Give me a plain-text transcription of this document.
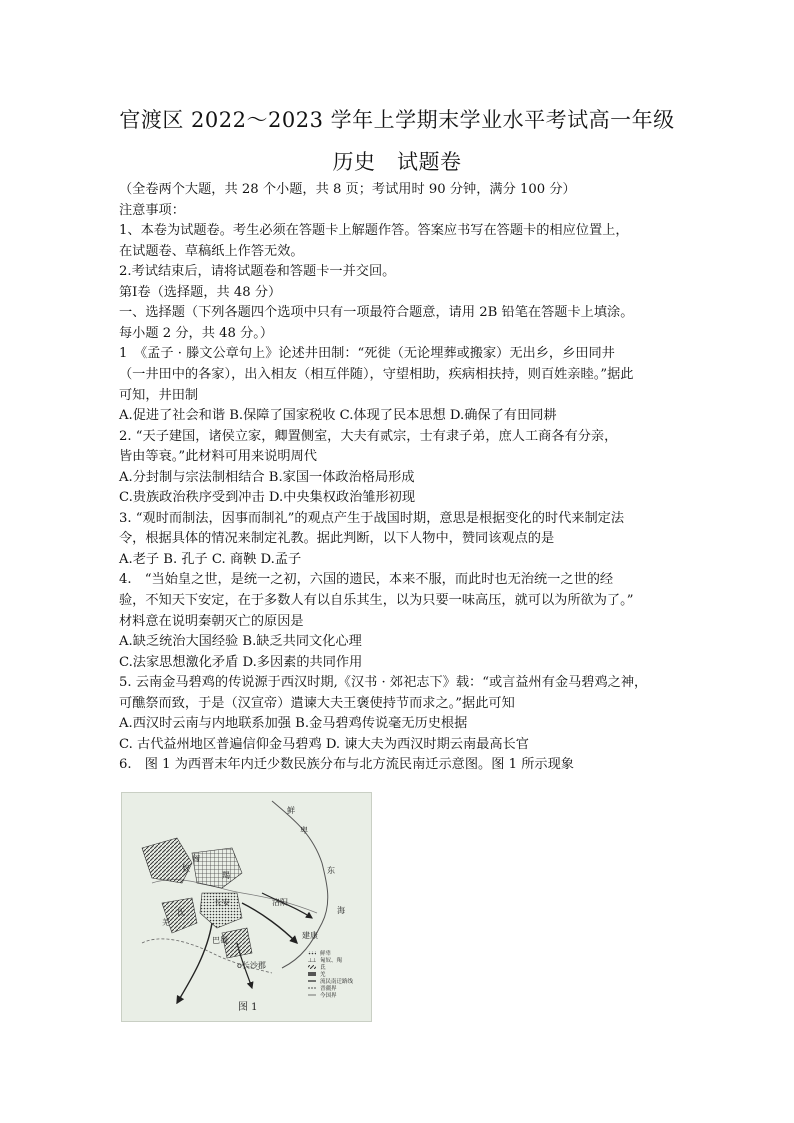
官渡区 2022～2023 学年上学期末学业水平考试高一年级
历史　试题卷
（全卷两个大题，共 28 个小题，共 8 页；考试用时 90 分钟，满分 100 分）
注意事项：
1、本卷为试题卷。考生必须在答题卡上解题作答。答案应书写在答题卡的相应位置上，
在试题卷、草稿纸上作答无效。
2.考试结束后，请将试题卷和答题卡一并交回。
第Ⅰ卷（选择题，共 48 分）
一、选择题（下列各题四个选项中只有一项最符合题意，请用 2B 铅笔在答题卡上填涂。
每小题 2 分，共 48 分。）
1　《孟子 · 滕文公章句上》论述井田制：“死徙（无论埋葬或搬家）无出乡，乡田同井
（一井田中的各家），出入相友（相互伴随），守望相助，疾病相扶持，则百姓亲睦。”据此
可知，井田制
A.促进了社会和谐 B.保障了国家税收 C.体现了民本思想 D.确保了有田同耕
2. “天子建国，诸侯立家，卿置侧室，大夫有贰宗，士有隶子弟，庶人工商各有分亲，
皆由等衰。”此材料可用来说明周代
A.分封制与宗法制相结合 B.家国一体政治格局形成
C.贵族政治秩序受到冲击 D.中央集权政治雏形初现
3. “观时而制法，因事而制礼”的观点产生于战国时期，意思是根据变化的时代来制定法
令，根据具体的情况来制定礼教。据此判断，以下人物中，赞同该观点的是
A.老子 B. 孔子 C. 商鞅 D.孟子
4.　“当始皇之世，是统一之初，六国的遗民，本来不服，而此时也无治统一之世的经
验，不知天下安定，在于多数人有以自乐其生，以为只要一味高压，就可以为所欲为了。”
材料意在说明秦朝灭亡的原因是
A.缺乏统治大国经验 B.缺乏共同文化心理
C.法家思想激化矛盾 D.多因素的共同作用
5. 云南金马碧鸡的传说源于西汉时期,《汉书 · 郊祀志下》载：“或言益州有金马碧鸡之神，
可醮祭而致，于是（汉宣帝）遣谏大夫王褒使持节而求之。”据此可知
A.西汉时云南与内地联系加强 B.金马碧鸡传说毫无历史根据
C. 古代益州地区普遍信仰金马碧鸡 D. 谏大夫为西汉时期云南最高长官
6.　图 1 为西晋末年内迁少数民族分布与北方流民南迁示意图。图 1 所示现象
鲜
卑
匈
奴
羯
氐
羌
东
海
洛阳
长安
建康
巴蜀
o长沙郡
鲜卑
匈奴、羯
氐
羌
流民南迁路线
晋疆界
今国界
图 1
